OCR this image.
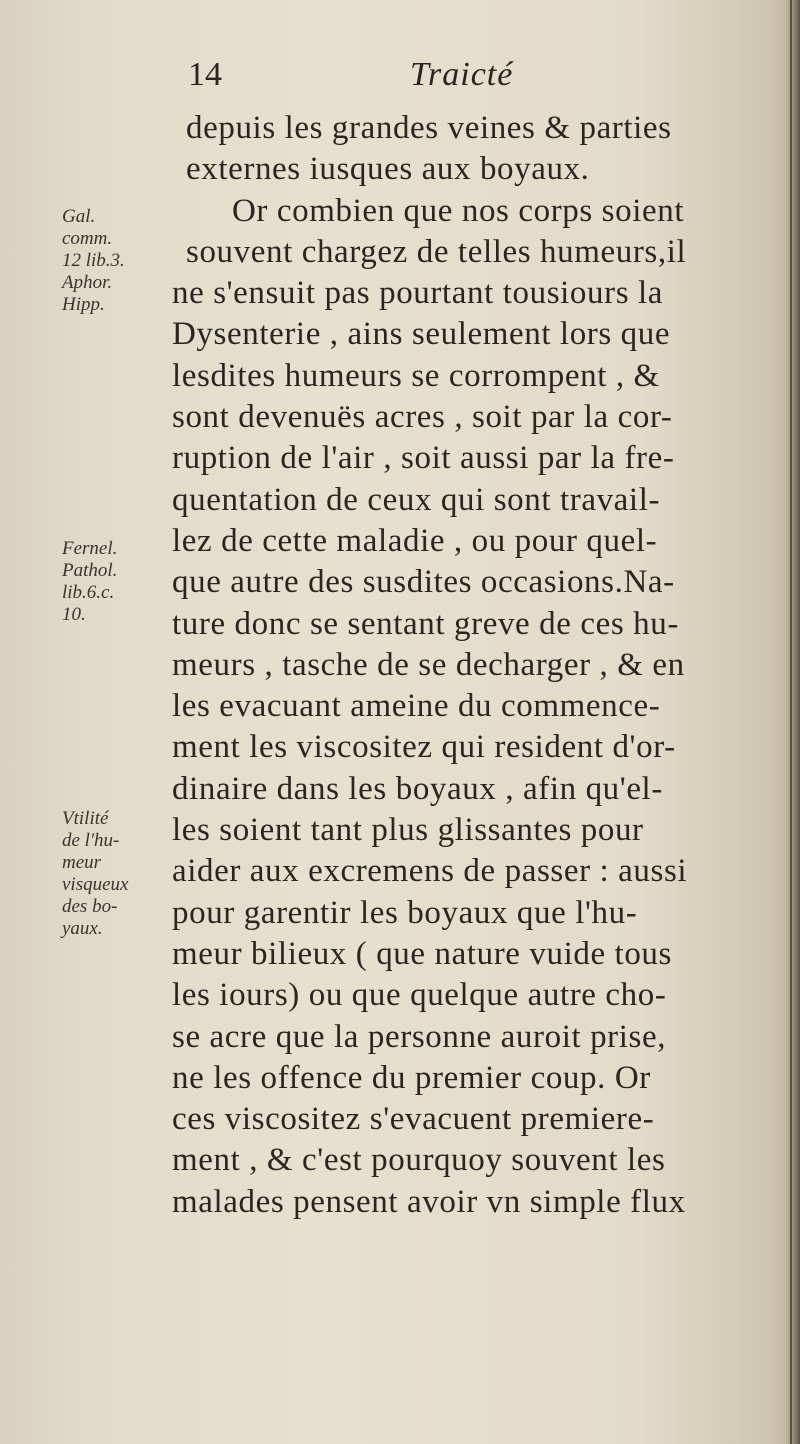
14	Traicté
depuis les grandes veines & parties
externes iusques aux boyaux.
Or combien que nos corps soient
souvent chargez de telles humeurs,il
ne s'ensuit pas pourtant tousiours la
Dysenterie , ains seulement lors que
lesdites humeurs se corrompent , &
sont devenuës acres , soit par la cor-
ruption de l'air , soit aussi par la fre-
quentation de ceux qui sont travail-
lez de cette maladie , ou pour quel-
que autre des susdites occasions.Na-
ture donc se sentant greve de ces hu-
meurs , tasche de se decharger , & en
les evacuant ameine du commence-
ment les viscositez qui resident d'or-
dinaire dans les boyaux , afin qu'el-
les soient tant plus glissantes pour
aider aux excremens de passer : aussi
pour garentir les boyaux que l'hu-
meur bilieux ( que nature vuide tous
les iours) ou que quelque autre cho-
se acre que la personne auroit prise,
ne les offence du premier coup. Or
ces viscositez s'evacuent premiere-
ment , & c'est pourquoy souvent les
malades pensent avoir vn simple flux
Gal.
comm.
12 lib.3.
Aphor.
Hipp.
Fernel.
Pathol.
lib.6.c.
10.
Vtilité
de l'hu-
meur
visqueux
des bo-
yaux.
